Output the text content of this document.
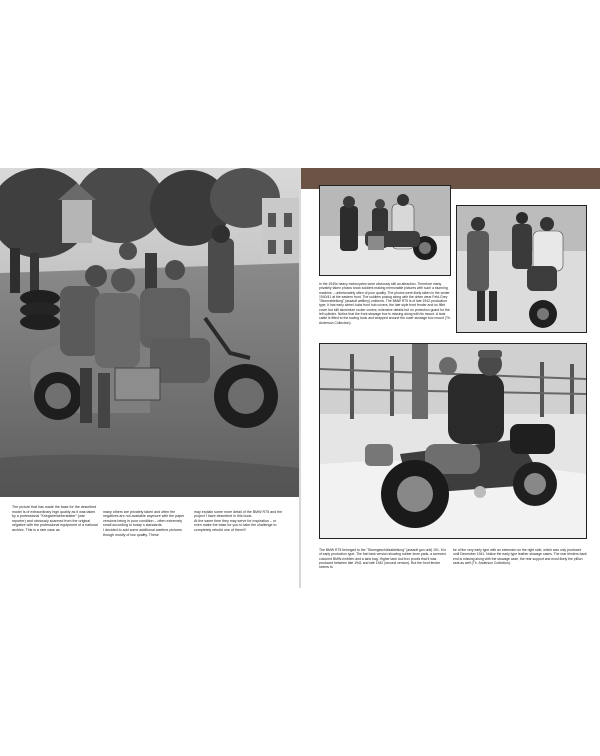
The picture that has made the base for the described model is of extraordinary high quality as it was taken by a professional "Kriegsberichterstatter" (war reporter) and obviously scanned from the original negative with the professional equipment of a national archive. This is a rare case as

many others are privately taken and often the negatives are not available anymore with the paper versions being in poor condition – often extremely small according to today´s standards.
I decided to add some additional wartime pictures though mostly of low quality. These

may explain some more detail of the BMW R75 and the project I have described in this book.
At the same time they may serve for inspiration – or even make the base for you to take the challenge to completely rebuild one of them!!!

In the 1940s heavy motorcycles were obviously still an attraction. Therefore many privately taken photos show soldiers making memorable pictures with such a stunning machine – unfortunately often of poor quality. The photos were likely taken in the winter 1940/41 at the eastern front. The soldiers posing along with the driver wear Feld-Grey "Sturmabteilung" (assault artillery) uniforms. The BMW R75 is of late 1942 production type. It has early wheel-hubs front hub covers, the late style front fender and no fillet cover but still aluminium rocker covers; extensive details but no protection guard for the left cylinder. Notice that the front stowage box is missing along with its mount. A tank cable is fitted to the towing hook and wrapped around the outer stowage box mount (Th. Anderson Collection).

The BMW R75 belonged to the "Sturmgeschützabteilung" (assault gun unit) 191. It is of early production type. The fuel tank version showing rubber knee pads, a screwed coloured BMW-emblem and a tank bag. Higher tank tool box proofs that it was produced between late 1941 and late 1942 (second version). But the front fender seems to

be of the very early type with an extension on the right side, which was only produced until December 1941. Notice the early type leather stowage cases. The rear fenders back end is missing along with the stowage case, the rear support and most likely the pillion seat as well (Th. Anderson Collection).
